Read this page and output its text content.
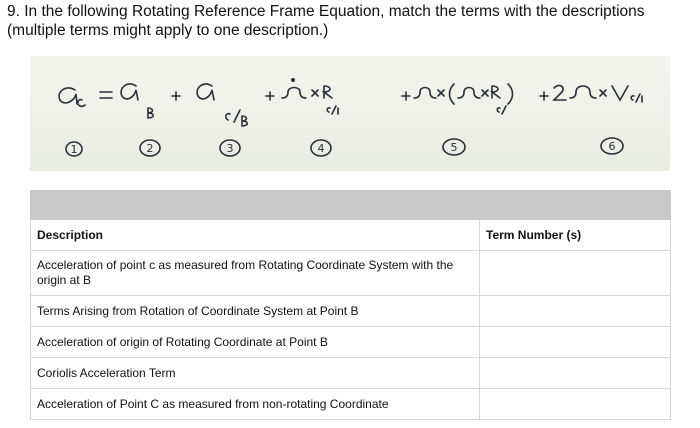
9. In the following Rotating Reference Frame Equation, match the terms with the descriptions (multiple terms might apply to one description.)
1	2	3	4	5	6

Description	Term Number (s)
Acceleration of point c as measured from Rotating Coordinate System with the origin at B	
Terms Arising from Rotation of Coordinate System at Point B	
Acceleration of origin of Rotating Coordinate at Point B	
Coriolis Acceleration Term	
Acceleration of Point C as measured from non-rotating Coordinate	
